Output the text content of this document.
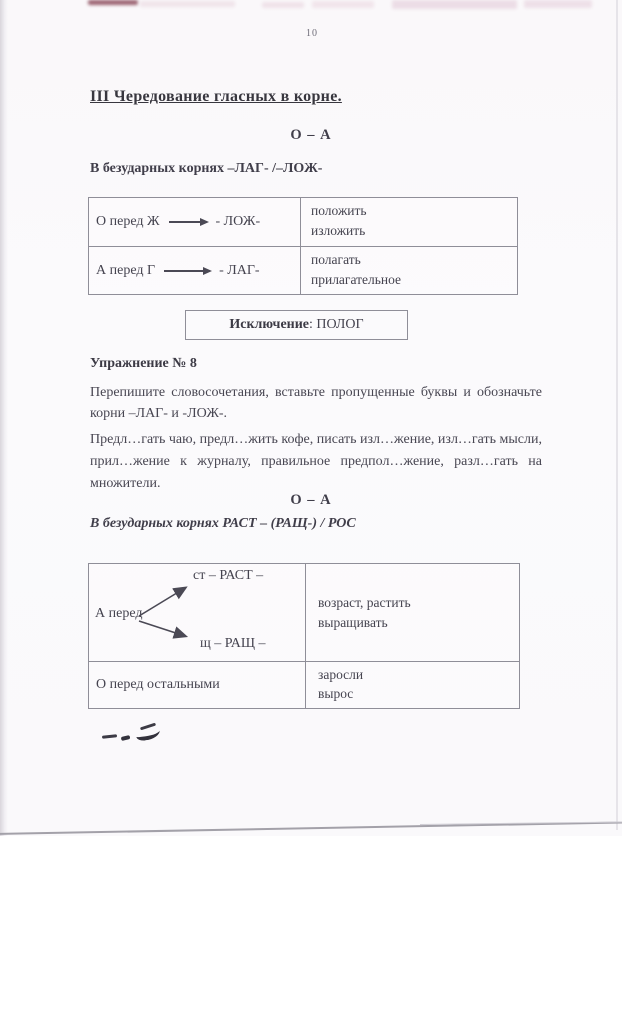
10
III Чередование гласных в корне.
О – А
В безударных корнях –ЛАГ- /–ЛОЖ-
О перед Ж	- ЛОЖ-
положить
изложить
А перед Г	- ЛАГ-
полагать
прилагательное
Исключение : ПОЛОГ
Упражнение № 8
Перепишите словосочетания, вставьте пропущенные буквы и обозначьте корни –ЛАГ- и -ЛОЖ-.
Предл…гать чаю, предл…жить кофе, писать изл…жение, изл…гать мысли, прил…жение к журналу, правильное предпол…жение, разл…гать на множители.
О – А
В безударных корнях РАСТ – (РАЩ-) / РОС
ст – РАСТ –
А перед
щ – РАЩ –
возраст, растить
выращивать
О перед остальными
заросли
вырос
